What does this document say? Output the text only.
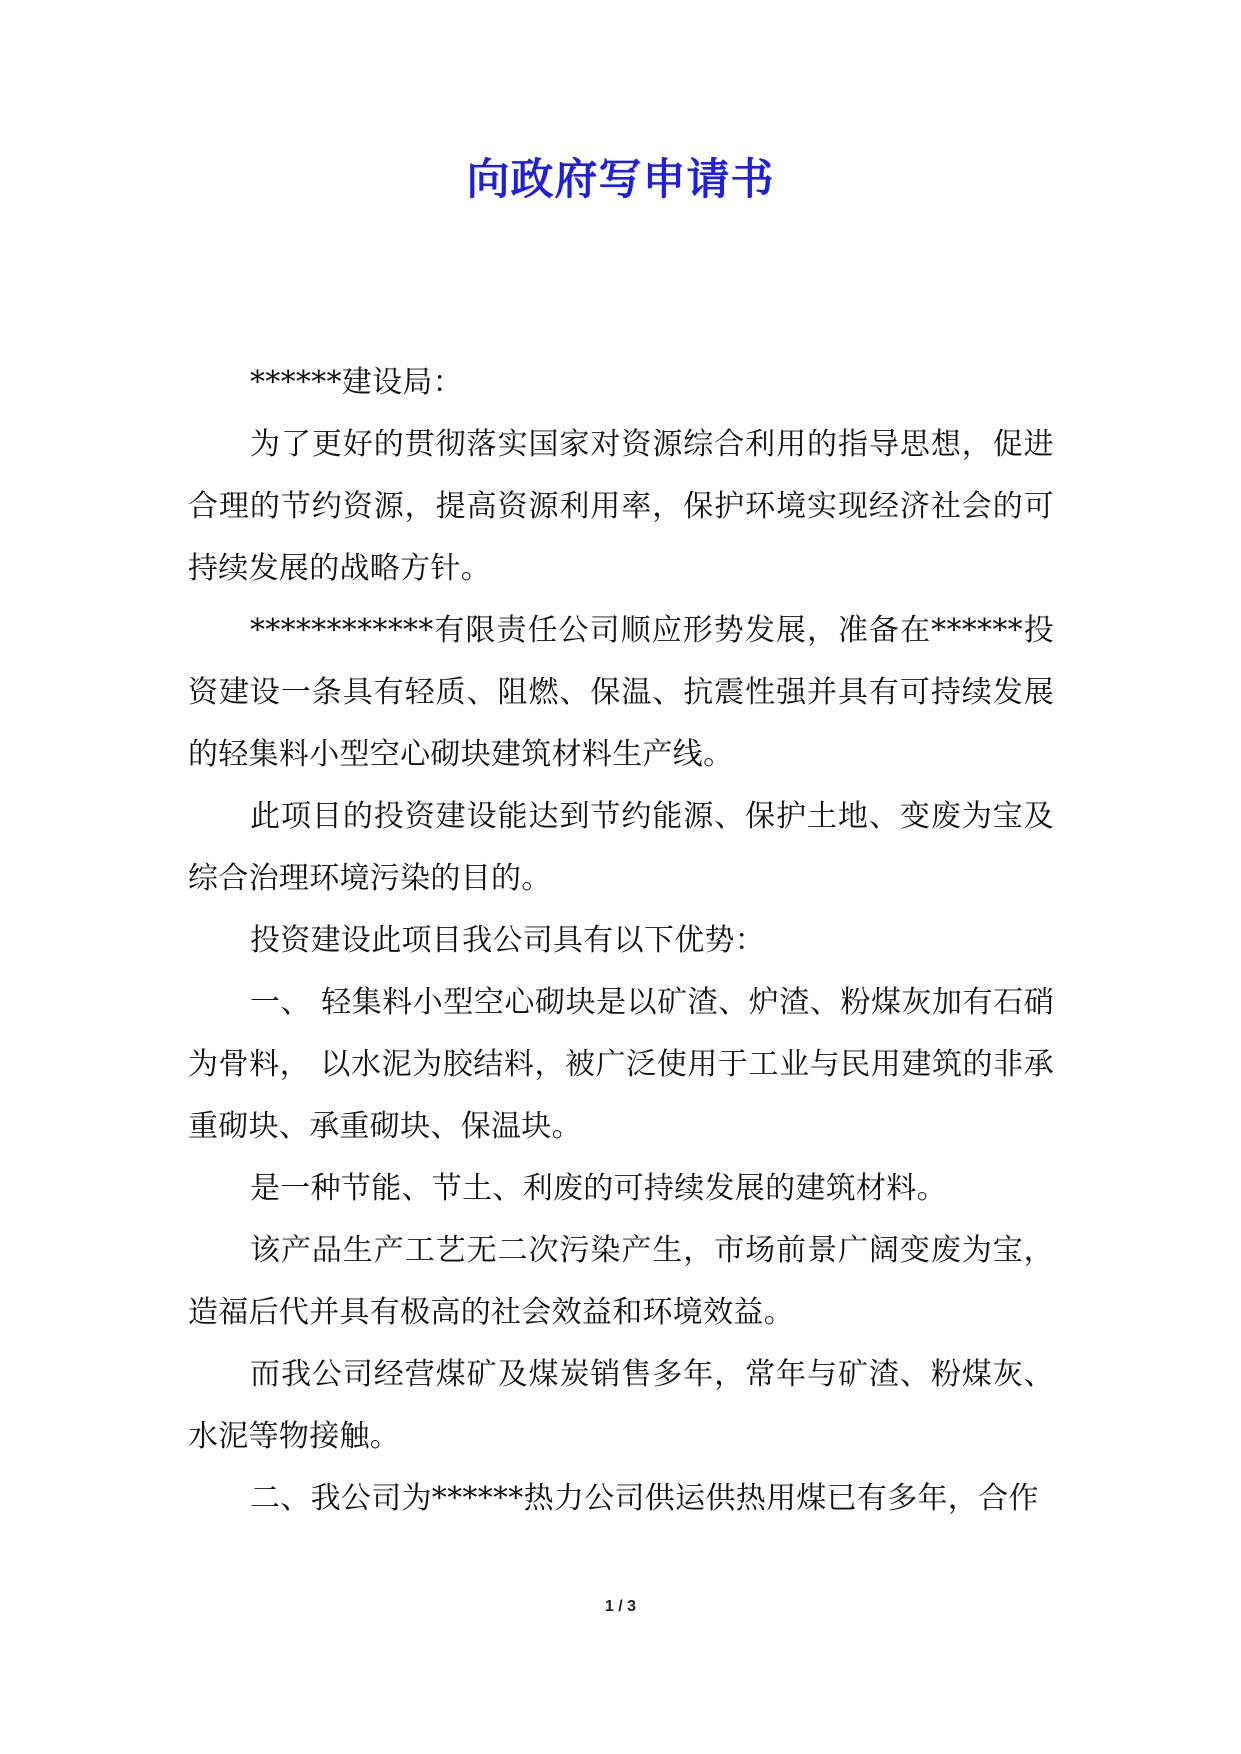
向政府写申请书

******建设局：

为了更好的贯彻落实国家对资源综合利用的指导思想，促进合理的节约资源，提高资源利用率，保护环境实现经济社会的可持续发展的战略方针。

************有限责任公司顺应形势发展，准备在******投资建设一条具有轻质、阻燃、保温、抗震性强并具有可持续发展的轻集料小型空心砌块建筑材料生产线。

此项目的投资建设能达到节约能源、保护土地、变废为宝及综合治理环境污染的目的。

投资建设此项目我公司具有以下优势：

一、 轻集料小型空心砌块是以矿渣、炉渣、粉煤灰加有石硝为骨料， 以水泥为胶结料，被广泛使用于工业与民用建筑的非承重砌块、承重砌块、保温块。

是一种节能、节土、利废的可持续发展的建筑材料。

该产品生产工艺无二次污染产生，市场前景广阔变废为宝，造福后代并具有极高的社会效益和环境效益。

而我公司经营煤矿及煤炭销售多年，常年与矿渣、粉煤灰、水泥等物接触。

二、我公司为******热力公司供运供热用煤已有多年，合作

1 / 3
